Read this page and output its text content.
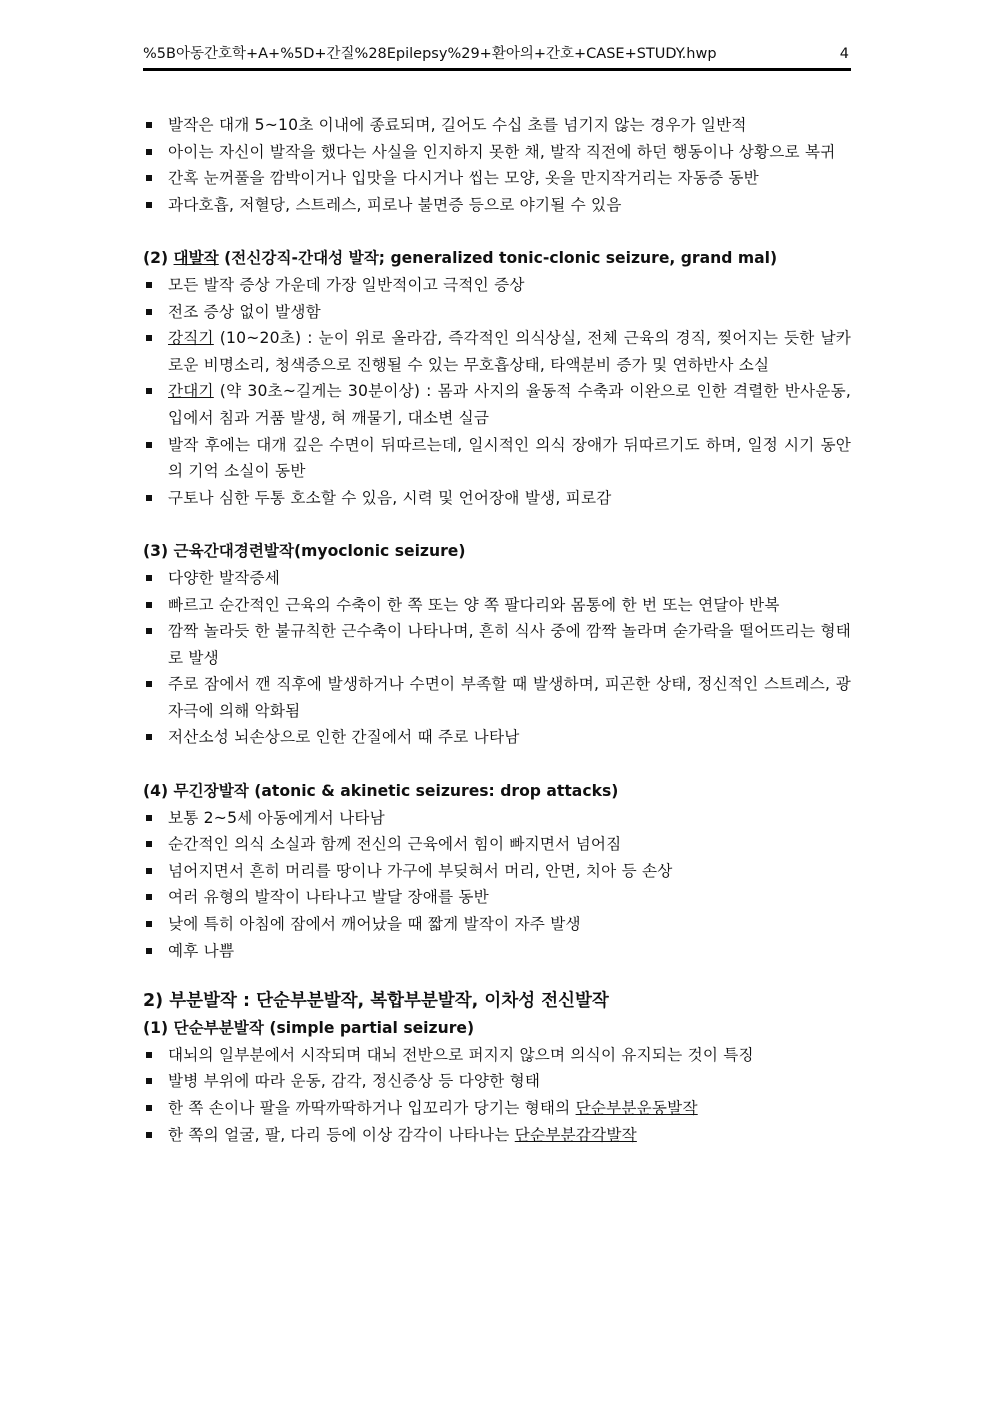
%5B아동간호학+A+%5D+간질%28Epilepsy%29+환아의+간호+CASE+STUDY.hwp	4
발작은 대개 5~10초 이내에 종료되며, 길어도 수십 초를 넘기지 않는 경우가 일반적
아이는 자신이 발작을 했다는 사실을 인지하지 못한 채, 발작 직전에 하던 행동이나 상황으로 복귀
간혹 눈꺼풀을 깜박이거나 입맛을 다시거나 씹는 모양, 옷을 만지작거리는 자동증 동반
과다호흡, 저혈당, 스트레스, 피로나 불면증 등으로 야기될 수 있음
(2) 대발작 (전신강직-간대성 발작; generalized tonic-clonic seizure, grand mal)
모든 발작 증상 가운데 가장 일반적이고 극적인 증상
전조 증상 없이 발생함
강직기 (10~20초) : 눈이 위로 올라감, 즉각적인 의식상실, 전체 근육의 경직, 찢어지는 듯한 날카로운 비명소리, 청색증으로 진행될 수 있는 무호흡상태, 타액분비 증가 및 연하반사 소실
간대기 (약 30초~길게는 30분이상) : 몸과 사지의 율동적 수축과 이완으로 인한 격렬한 반사운동, 입에서 침과 거품 발생, 혀 깨물기, 대소변 실금
발작 후에는 대개 깊은 수면이 뒤따르는데, 일시적인 의식 장애가 뒤따르기도 하며, 일정 시기 동안의 기억 소실이 동반
구토나 심한 두통 호소할 수 있음, 시력 및 언어장애 발생, 피로감
(3) 근육간대경련발작(myoclonic seizure)
다양한 발작증세
빠르고 순간적인 근육의 수축이 한 쪽 또는 양 쪽 팔다리와 몸통에 한 번 또는 연달아 반복
깜짝 놀라듯 한 불규칙한 근수축이 나타나며, 흔히 식사 중에 깜짝 놀라며 숟가락을 떨어뜨리는 형태로 발생
주로 잠에서 깬 직후에 발생하거나 수면이 부족할 때 발생하며, 피곤한 상태, 정신적인 스트레스, 광자극에 의해 악화됨
저산소성 뇌손상으로 인한 간질에서 때 주로 나타남
(4) 무긴장발작 (atonic & akinetic seizures: drop attacks)
보통 2~5세 아동에게서 나타남
순간적인 의식 소실과 함께 전신의 근육에서 힘이 빠지면서 넘어짐
넘어지면서 흔히 머리를 땅이나 가구에 부딪혀서 머리, 안면, 치아 등 손상
여러 유형의 발작이 나타나고 발달 장애를 동반
낮에 특히 아침에 잠에서 깨어났을 때 짧게 발작이 자주 발생
예후 나쁨
2) 부분발작 : 단순부분발작, 복합부분발작, 이차성 전신발작
(1) 단순부분발작 (simple partial seizure)
대뇌의 일부분에서 시작되며 대뇌 전반으로 퍼지지 않으며 의식이 유지되는 것이 특징
발병 부위에 따라 운동, 감각, 정신증상 등 다양한 형태
한 쪽 손이나 팔을 까딱까딱하거나 입꼬리가 당기는 형태의 단순부분운동발작
한 쪽의 얼굴, 팔, 다리 등에 이상 감각이 나타나는 단순부분감각발작
